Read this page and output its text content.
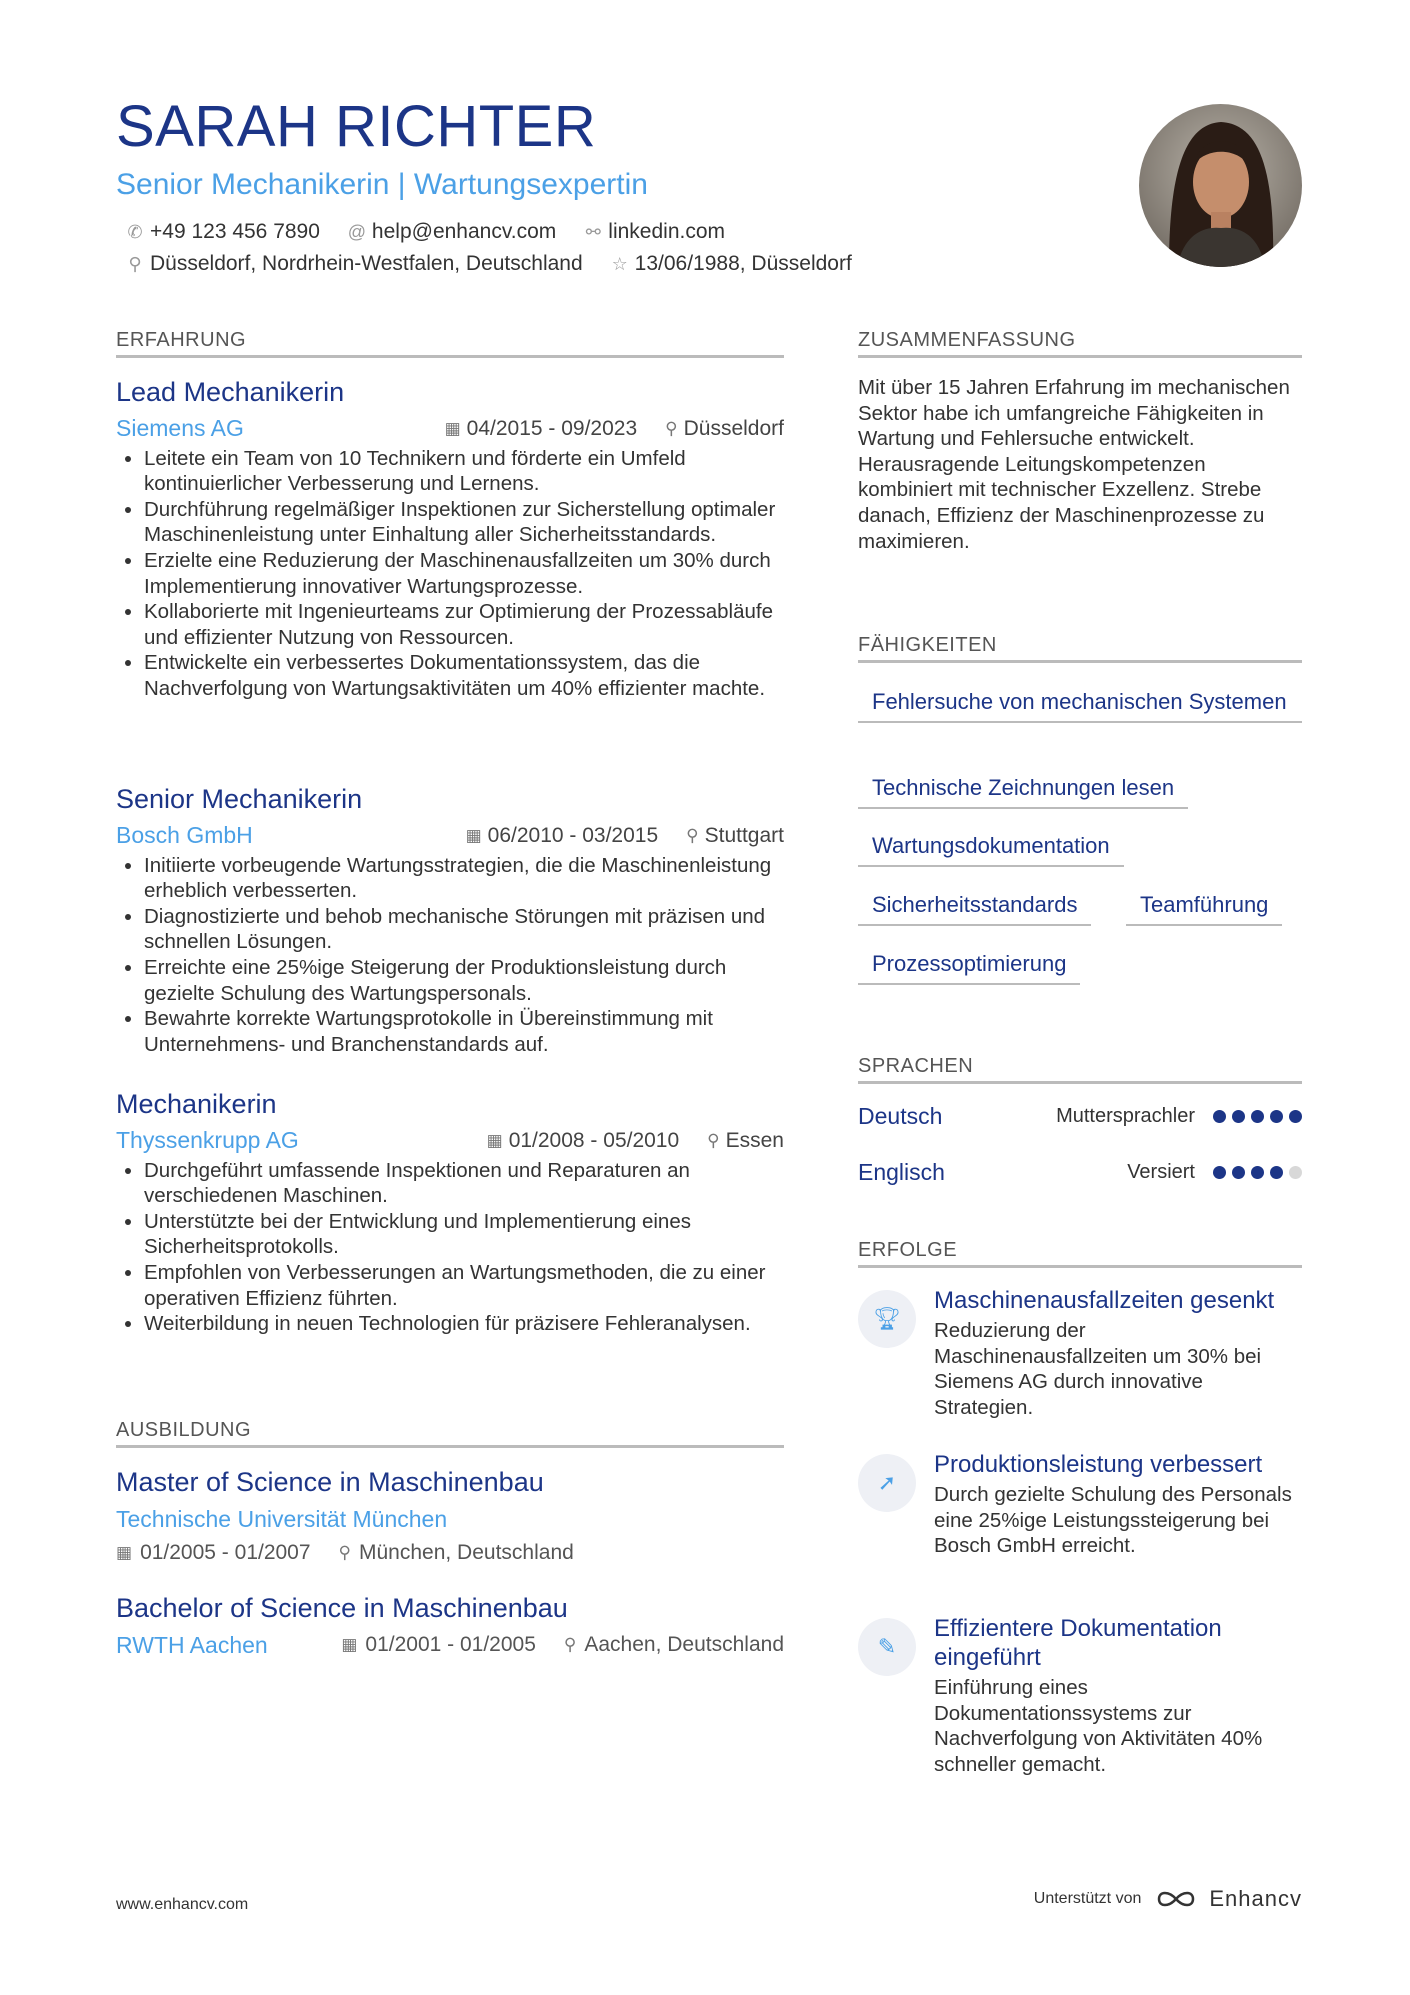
SARAH RICHTER
Senior Mechanikerin | Wartungsexpertin
✆ +49 123 456 7890 @ help@enhancv.com ⚯ linkedin.com
⚲ Düsseldorf, Nordrhein-Westfalen, Deutschland ☆ 13/06/1988, Düsseldorf
ERFAHRUNG
Lead Mechanikerin
Siemens AG	▦ 04/2015 - 09/2023 ⚲ Düsseldorf
• Leitete ein Team von 10 Technikern und förderte ein Umfeld kontinuierlicher Verbesserung und Lernens.
• Durchführung regelmäßiger Inspektionen zur Sicherstellung optimaler Maschinenleistung unter Einhaltung aller Sicherheitsstandards.
• Erzielte eine Reduzierung der Maschinenausfallzeiten um 30% durch Implementierung innovativer Wartungsprozesse.
• Kollaborierte mit Ingenieurteams zur Optimierung der Prozessabläufe und effizienter Nutzung von Ressourcen.
• Entwickelte ein verbessertes Dokumentationssystem, das die Nachverfolgung von Wartungsaktivitäten um 40% effizienter machte.
Senior Mechanikerin
Bosch GmbH	▦ 06/2010 - 03/2015 ⚲ Stuttgart
• Initiierte vorbeugende Wartungsstrategien, die die Maschinenleistung erheblich verbesserten.
• Diagnostizierte und behob mechanische Störungen mit präzisen und schnellen Lösungen.
• Erreichte eine 25%ige Steigerung der Produktionsleistung durch gezielte Schulung des Wartungspersonals.
• Bewahrte korrekte Wartungsprotokolle in Übereinstimmung mit Unternehmens- und Branchenstandards auf.
Mechanikerin
Thyssenkrupp AG	▦ 01/2008 - 05/2010 ⚲ Essen
• Durchgeführt umfassende Inspektionen und Reparaturen an verschiedenen Maschinen.
• Unterstützte bei der Entwicklung und Implementierung eines Sicherheitsprotokolls.
• Empfohlen von Verbesserungen an Wartungsmethoden, die zu einer operativen Effizienz führten.
• Weiterbildung in neuen Technologien für präzisere Fehleranalysen.
AUSBILDUNG
Master of Science in Maschinenbau
Technische Universität München
▦ 01/2005 - 01/2007 ⚲ München, Deutschland
Bachelor of Science in Maschinenbau
RWTH Aachen	▦ 01/2001 - 01/2005 ⚲ Aachen, Deutschland
ZUSAMMENFASSUNG
Mit über 15 Jahren Erfahrung im mechanischen Sektor habe ich umfangreiche Fähigkeiten in Wartung und Fehlersuche entwickelt. Herausragende Leitungskompetenzen kombiniert mit technischer Exzellenz. Strebe danach, Effizienz der Maschinenprozesse zu maximieren.
FÄHIGKEITEN
Fehlersuche von mechanischen Systemen
Technische Zeichnungen lesen
Wartungsdokumentation
Sicherheitsstandards	Teamführung
Prozessoptimierung
SPRACHEN
Deutsch	Muttersprachler
Englisch	Versiert
ERFOLGE
🏆︎
Maschinenausfallzeiten gesenkt
Reduzierung der Maschinenausfallzeiten um 30% bei Siemens AG durch innovative Strategien.
➚
Produktionsleistung verbessert
Durch gezielte Schulung des Personals eine 25%ige Leistungssteigerung bei Bosch GmbH erreicht.
✎
Effizientere Dokumentation eingeführt
Einführung eines Dokumentationssystems zur Nachverfolgung von Aktivitäten 40% schneller gemacht.
www.enhancv.com	Unterstützt von	Enhancv
